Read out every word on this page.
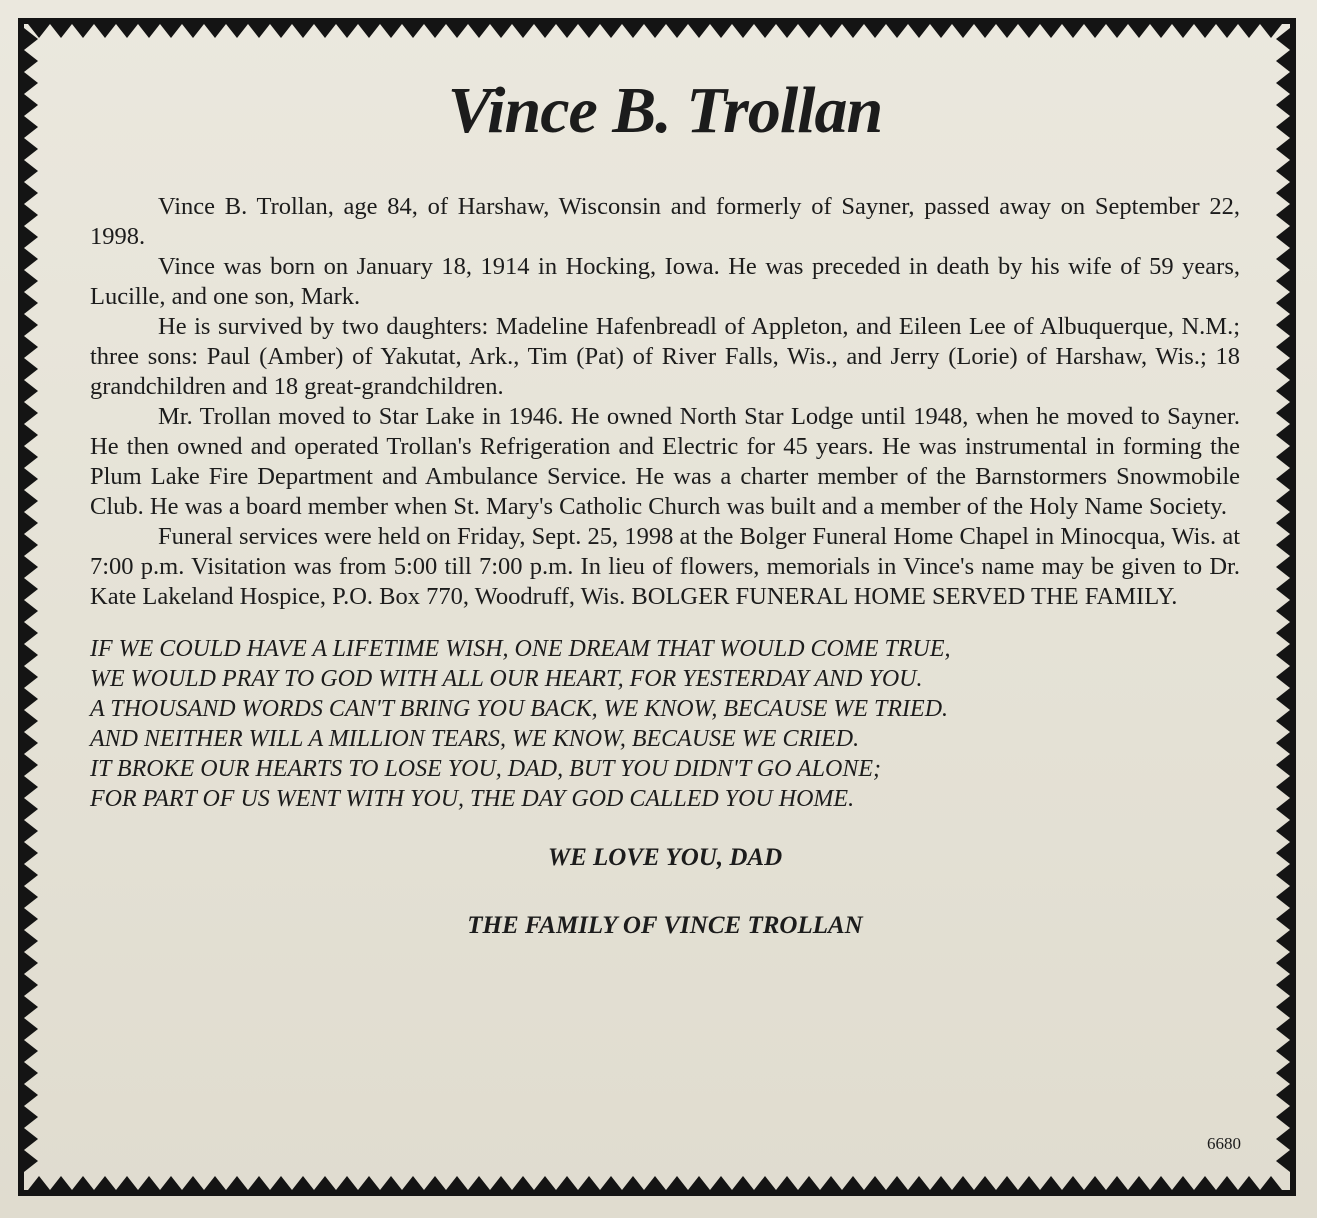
Vince B. Trollan

Vince B. Trollan, age 84, of Harshaw, Wisconsin and formerly of Sayner, passed away on September 22, 1998.

Vince was born on January 18, 1914 in Hocking, Iowa. He was preceded in death by his wife of 59 years, Lucille, and one son, Mark.

He is survived by two daughters: Madeline Hafenbreadl of Appleton, and Eileen Lee of Albuquerque, N.M.; three sons: Paul (Amber) of Yakutat, Ark., Tim (Pat) of River Falls, Wis., and Jerry (Lorie) of Harshaw, Wis.; 18 grandchildren and 18 great-grandchildren.

Mr. Trollan moved to Star Lake in 1946. He owned North Star Lodge until 1948, when he moved to Sayner. He then owned and operated Trollan's Refrigeration and Electric for 45 years. He was instrumental in forming the Plum Lake Fire Department and Ambulance Service. He was a charter member of the Barnstormers Snowmobile Club. He was a board member when St. Mary's Catholic Church was built and a member of the Holy Name Society.

Funeral services were held on Friday, Sept. 25, 1998 at the Bolger Funeral Home Chapel in Minocqua, Wis. at 7:00 p.m. Visitation was from 5:00 till 7:00 p.m. In lieu of flowers, memorials in Vince's name may be given to Dr. Kate Lakeland Hospice, P.O. Box 770, Woodruff, Wis. BOLGER FUNERAL HOME SERVED THE FAMILY.

IF WE COULD HAVE A LIFETIME WISH, ONE DREAM THAT WOULD COME TRUE,
WE WOULD PRAY TO GOD WITH ALL OUR HEART, FOR YESTERDAY AND YOU.
A THOUSAND WORDS CAN'T BRING YOU BACK, WE KNOW, BECAUSE WE TRIED.
AND NEITHER WILL A MILLION TEARS, WE KNOW, BECAUSE WE CRIED.
IT BROKE OUR HEARTS TO LOSE YOU, DAD, BUT YOU DIDN'T GO ALONE;
FOR PART OF US WENT WITH YOU, THE DAY GOD CALLED YOU HOME.
WE LOVE YOU, DAD
THE FAMILY OF VINCE TROLLAN
6680
